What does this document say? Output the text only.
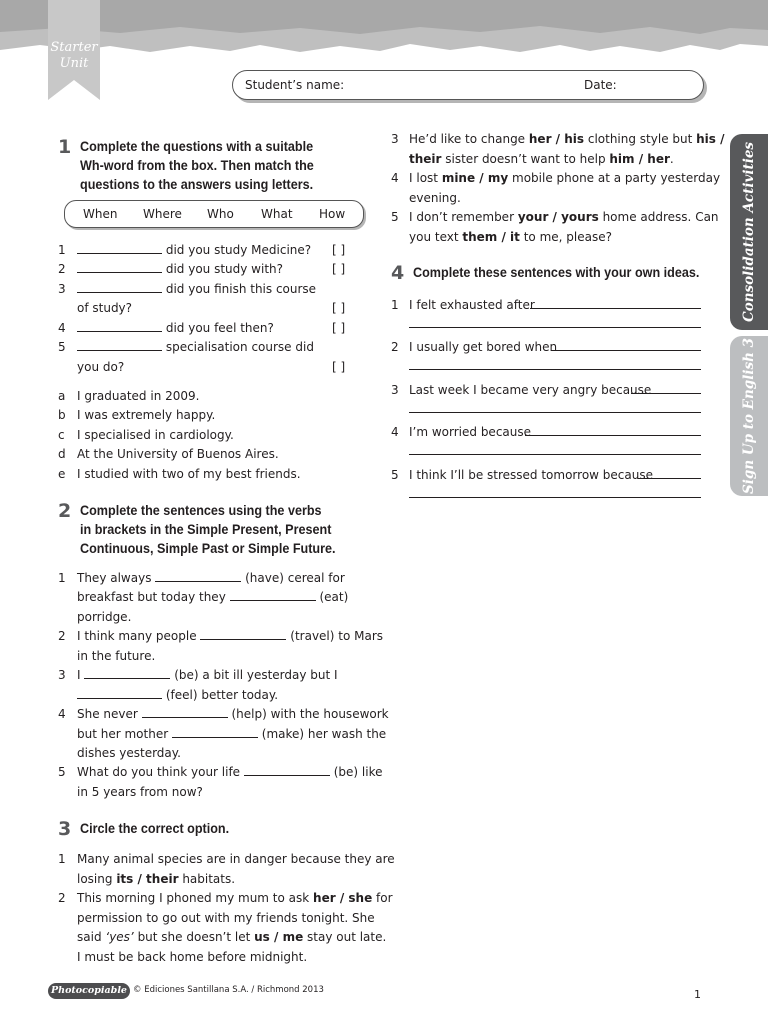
Starter
Unit
Student’s name:	Date:
Consolidation Activities
Sign Up to English 3
1 Complete the questions with a suitable
Wh-word from the box. Then match the
questions to the answers using letters.
When Where Who What How
1	did you study Medicine? [ ]
2	did you study with?	[ ]
3	did you finish this course
of study?	[ ]
4	did you feel then?	[ ]
5	specialisation course did
you do?	[ ]
a I graduated in 2009.
b I was extremely happy.
c I specialised in cardiology.
d At the University of Buenos Aires.
e I studied with two of my best friends.
2 Complete the sentences using the verbs
in brackets in the Simple Present, Present
Continuous, Simple Past or Simple Future.
1 They always	(have) cereal for
breakfast but today they	(eat)
porridge.
2 I think many people	(travel) to Mars
in the future.
3 I	(be) a bit ill yesterday but I
(feel) better today.
4 She never	(help) with the housework
but her mother	(make) her wash the
dishes yesterday.
5 What do you think your life	(be) like
in 5 years from now?
3 Circle the correct option.
1 Many animal species are in danger because they are
losing its / their habitats.
2 This morning I phoned my mum to ask her / she for
permission to go out with my friends tonight. She
said ‘yes’ but she doesn’t let us / me stay out late.
I must be back home before midnight.
3 He’d like to change her / his clothing style but his /
their sister doesn’t want to help him / her.
4 I lost mine / my mobile phone at a party yesterday
evening.
5 I don’t remember your / yours home address. Can
you text them / it to me, please?
4 Complete these sentences with your own ideas.
1 I felt exhausted after
2 I usually get bored when
3 Last week I became very angry because
4 I’m worried because
5 I think I’ll be stressed tomorrow because
Photocopiable © Ediciones Santillana S.A. / Richmond 2013	1
